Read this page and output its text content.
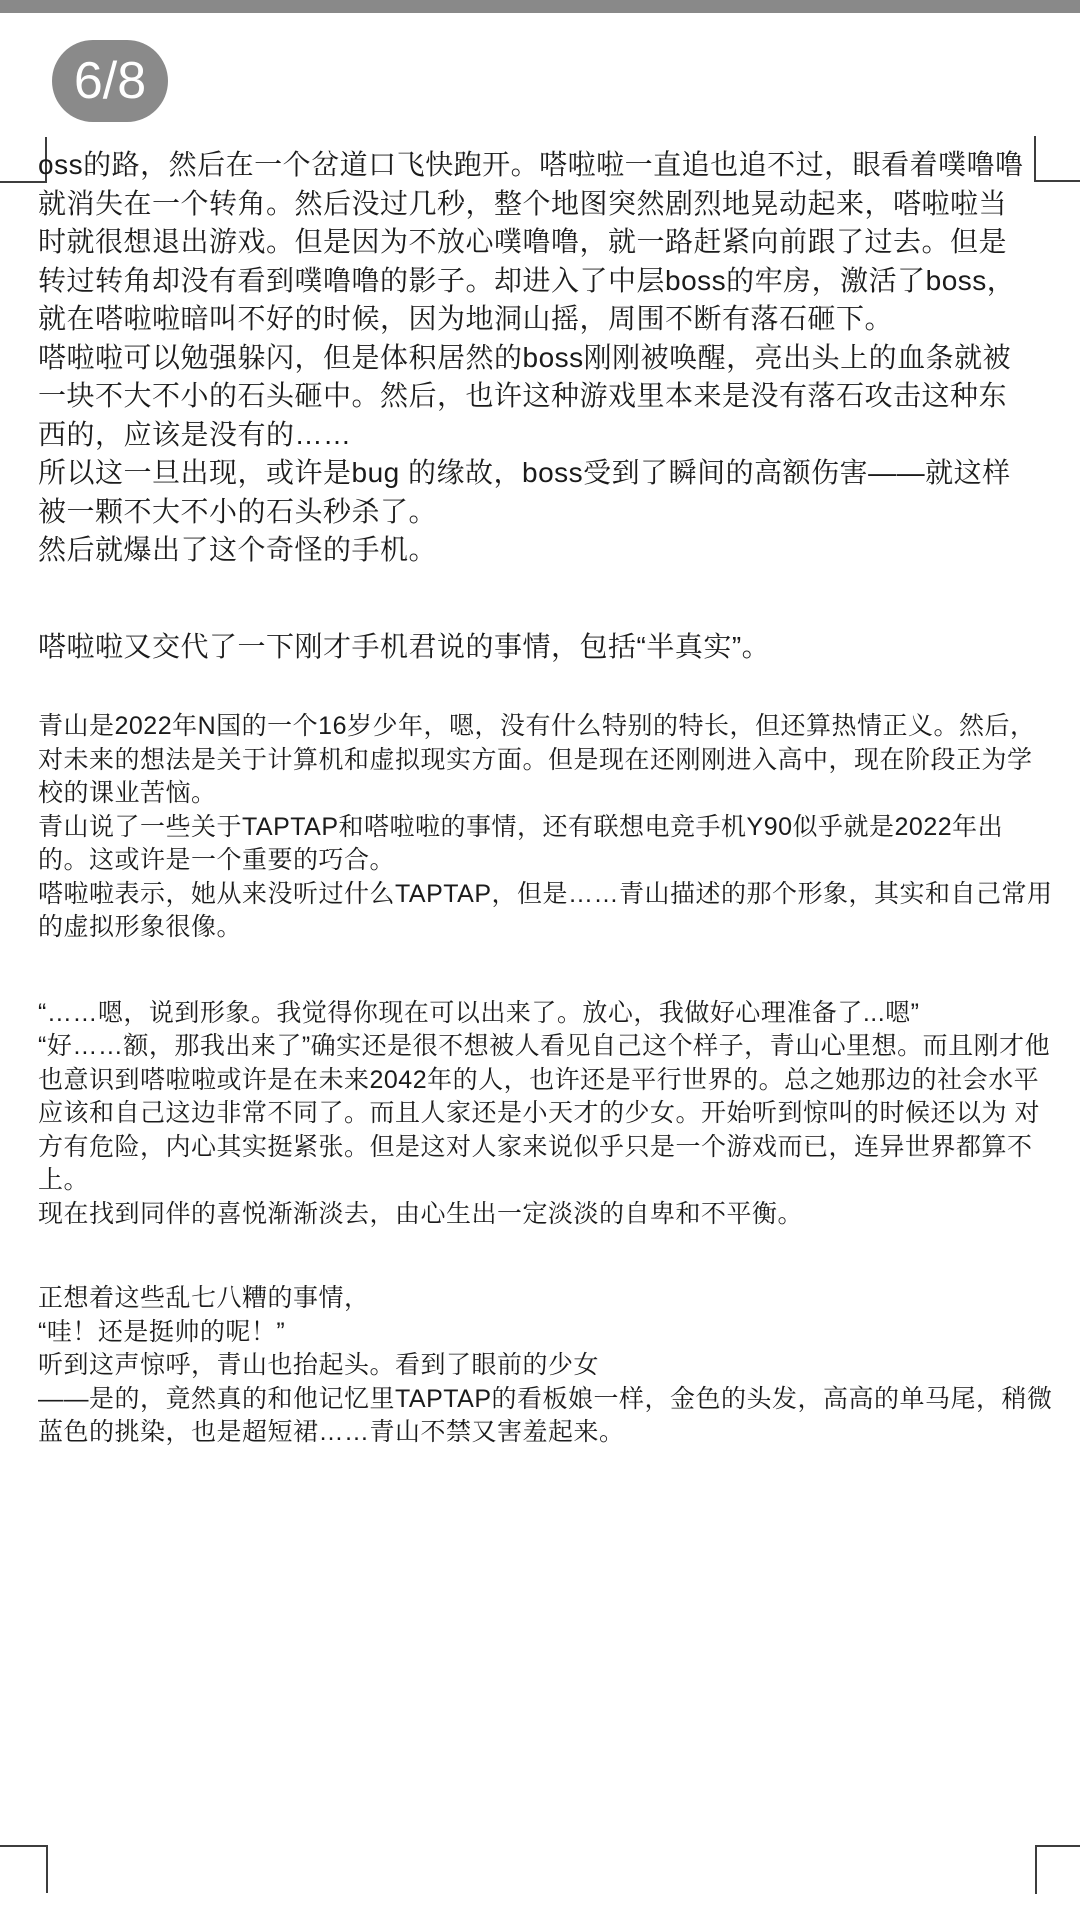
6/8
oss的路，然后在一个岔道口飞快跑开。嗒啦啦一直追也追不过，眼看着噗噜噜
就消失在一个转角。然后没过几秒，整个地图突然剧烈地晃动起来，嗒啦啦当
时就很想退出游戏。但是因为不放心噗噜噜，就一路赶紧向前跟了过去。但是
转过转角却没有看到噗噜噜的影子。却进入了中层boss的牢房，激活了boss，
就在嗒啦啦暗叫不好的时候，因为地洞山摇，周围不断有落石砸下。
嗒啦啦可以勉强躲闪，但是体积居然的boss刚刚被唤醒，亮出头上的血条就被
一块不大不小的石头砸中。然后，也许这种游戏里本来是没有落石攻击这种东
西的，应该是没有的……
所以这一旦出现，或许是bug 的缘故，boss受到了瞬间的高额伤害——就这样
被一颗不大不小的石头秒杀了。
然后就爆出了这个奇怪的手机。
嗒啦啦又交代了一下刚才手机君说的事情，包括“半真实”。
青山是2022年N国的一个16岁少年，嗯，没有什么特别的特长，但还算热情正义。然后，
对未来的想法是关于计算机和虚拟现实方面。但是现在还刚刚进入高中，现在阶段正为学
校的课业苦恼。
青山说了一些关于TAPTAP和嗒啦啦的事情，还有联想电竞手机Y90似乎就是2022年出
的。这或许是一个重要的巧合。
嗒啦啦表示，她从来没听过什么TAPTAP，但是……青山描述的那个形象，其实和自己常用
的虚拟形象很像。
“……嗯，说到形象。我觉得你现在可以出来了。放心，我做好心理准备了...嗯”
“好……额，那我出来了”确实还是很不想被人看见自己这个样子，青山心里想。而且刚才他
也意识到嗒啦啦或许是在未来2042年的人，也许还是平行世界的。总之她那边的社会水平
应该和自己这边非常不同了。而且人家还是小天才的少女。开始听到惊叫的时候还以为 对
方有危险，内心其实挺紧张。但是这对人家来说似乎只是一个游戏而已，连异世界都算不
上。
现在找到同伴的喜悦渐渐淡去，由心生出一定淡淡的自卑和不平衡。
正想着这些乱七八糟的事情，
“哇！还是挺帅的呢！”
听到这声惊呼，青山也抬起头。看到了眼前的少女
——是的，竟然真的和他记忆里TAPTAP的看板娘一样，金色的头发，高高的单马尾，稍微
蓝色的挑染，也是超短裙……青山不禁又害羞起来。
